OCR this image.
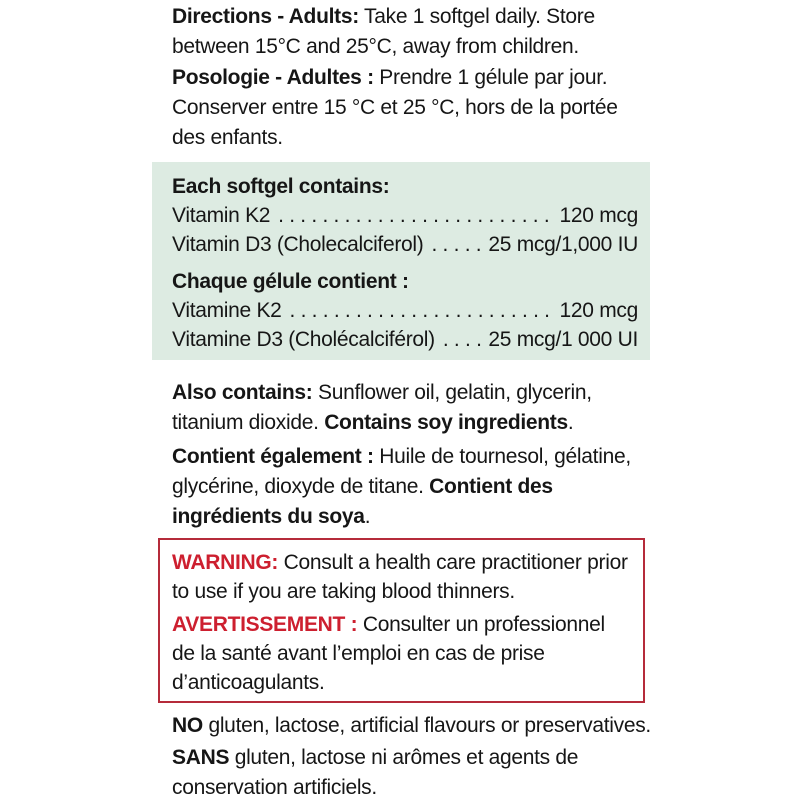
Directions - Adults: Take 1 softgel daily. Store
between 15°C and 25°C, away from children.
Posologie - Adultes : Prendre 1 gélule par jour.
Conserver entre 15 °C et 25 °C, hors de la portée
des enfants.
Each softgel contains:
Vitamin K2 . . .	120 mcg
Vitamin D3 (Cholecalciferol) . . .	25 mcg/1,000 IU
Chaque gélule contient :
Vitamine K2 . . .	120 mcg
Vitamine D3 (Cholécalciférol) . . .	25 mcg/1 000 UI
Also contains: Sunflower oil, gelatin, glycerin,
titanium dioxide. Contains soy ingredients.
Contient également : Huile de tournesol, gélatine,
glycérine, dioxyde de titane. Contient des
ingrédients du soya.
WARNING: Consult a health care practitioner prior
to use if you are taking blood thinners.
AVERTISSEMENT : Consulter un professionnel
de la santé avant l’emploi en cas de prise
d’anticoagulants.
NO gluten, lactose, artificial flavours or preservatives.
SANS gluten, lactose ni arômes et agents de
conservation artificiels.
